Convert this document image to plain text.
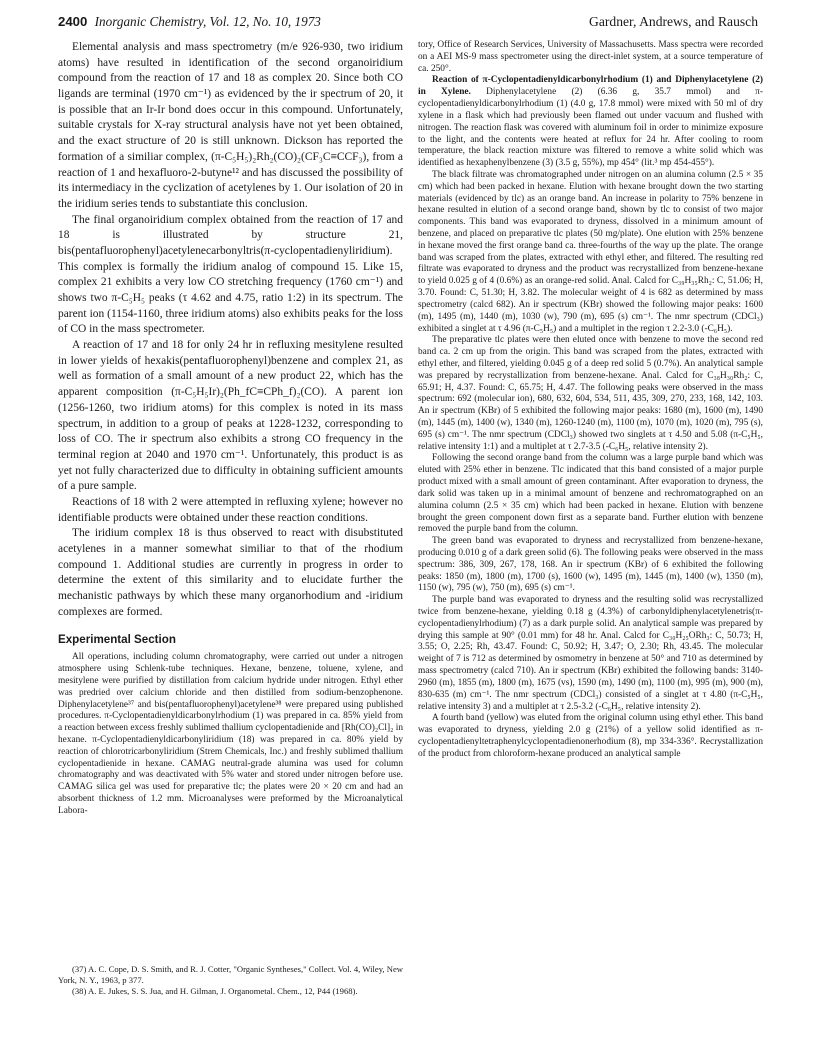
2400 Inorganic Chemistry, Vol. 12, No. 10, 1973	Gardner, Andrews, and Rausch

Elemental analysis and mass spectrometry (m/e 926-930, two iridium atoms) have resulted in identification of the second organoiridium compound from the reaction of 17 and 18 as complex 20. Since both CO ligands are terminal (1970 cm⁻¹) as evidenced by the ir spectrum of 20, it is possible that an Ir-Ir bond does occur in this compound. Unfortunately, suitable crystals for X-ray structural analysis have not yet been obtained, and the exact structure of 20 is still unknown. Dickson has reported the formation of a similiar complex, (π-C₅H₅)₂Rh₂(CO)₂(CF₃C≡CCF₃), from a reaction of 1 and hexafluoro-2-butyne¹² and has discussed the possibility of its intermediacy in the cyclization of acetylenes by 1. Our isolation of 20 in the iridium series tends to substantiate this conclusion.

The final organoiridium complex obtained from the reaction of 17 and 18 is illustrated by structure 21, bis(pentafluorophenyl)acetylenecarbonyltris(π-cyclopentadienyliridium). This complex is formally the iridium analog of compound 15. Like 15, complex 21 exhibits a very low CO stretching frequency (1760 cm⁻¹) and shows two π-C₅H₅ peaks (τ 4.62 and 4.75, ratio 1:2) in its spectrum. The parent ion (1154-1160, three iridium atoms) also exhibits peaks for the loss of CO in the mass spectrometer.

A reaction of 17 and 18 for only 24 hr in refluxing mesitylene resulted in lower yields of hexakis(pentafluorophenyl)benzene and complex 21, as well as formation of a small amount of a new product 22, which has the apparent composition (π-C₅H₅Ir)₂(Ph_fC≡CPh_f)₂(CO). A parent ion (1256-1260, two iridium atoms) for this complex is noted in its mass spectrum, in addition to a group of peaks at 1228-1232, corresponding to loss of CO. The ir spectrum also exhibits a strong CO frequency in the terminal region at 2040 and 1970 cm⁻¹. Unfortunately, this product is as yet not fully characterized due to difficulty in obtaining sufficient amounts of a pure sample.

Reactions of 18 with 2 were attempted in refluxing xylene; however no identifiable products were obtained under these reaction conditions.

The iridium complex 18 is thus observed to react with disubstituted acetylenes in a manner somewhat similiar to that of the rhodium compound 1. Additional studies are currently in progress in order to determine the extent of this similarity and to elucidate further the mechanistic pathways by which these many organorhodium and -iridium complexes are formed.

Experimental Section

All operations, including column chromatography, were carried out under a nitrogen atmosphere using Schlenk-tube techniques. Hexane, benzene, toluene, xylene, and mesitylene were purified by distillation from calcium hydride under nitrogen. Ethyl ether was predried over calcium chloride and then distilled from sodium-benzophenone. Diphenylacetylene³⁷ and bis(pentafluorophenyl)acetylene³⁸ were prepared using published procedures. π-Cyclopentadienyldicarbonylrhodium (1) was prepared in ca. 85% yield from a reaction between excess freshly sublimed thallium cyclopentadienide and [Rh(CO)₂Cl]₂ in hexane. π-Cyclopentadienyldicarbonyliridium (18) was prepared in ca. 80% yield by reaction of chlorotricarbonyliridium (Strem Chemicals, Inc.) and freshly sublimed thallium cyclopentadienide in hexane. CAMAG neutral-grade alumina was used for column chromatography and was deactivated with 5% water and stored under nitrogen before use. CAMAG silica gel was used for preparative tlc; the plates were 20 × 20 cm and had an absorbent thickness of 1.2 mm. Microanalyses were preformed by the Microanalytical Labora-

(37) A. C. Cope, D. S. Smith, and R. J. Cotter, "Organic Syntheses," Collect. Vol. 4, Wiley, New York, N. Y., 1963, p 377.
(38) A. E. Jukes, S. S. Jua, and H. Gilman, J. Organometal. Chem., 12, P44 (1968).

tory, Office of Research Services, University of Massachusetts. Mass spectra were recorded on a AEI MS-9 mass spectrometer using the direct-inlet system, at a source temperature of ca. 250°.

Reaction of π-Cyclopentadienyldicarbonylrhodium (1) and Diphenylacetylene (2) in Xylene. Diphenylacetylene (2) (6.36 g, 35.7 mmol) and π-cyclopentadienyldicarbonylrhodium (1) (4.0 g, 17.8 mmol) were mixed with 50 ml of dry xylene in a flask which had previously been flamed out under vacuum and flushed with nitrogen. The reaction flask was covered with aluminum foil in order to minimize exposure to the light, and the contents were heated at reflux for 24 hr. After cooling to room temperature, the black reaction mixture was filtered to remove a white solid which was identified as hexaphenylbenzene (3) (3.5 g, 55%), mp 454° (lit.³ mp 454-455°).

The black filtrate was chromatographed under nitrogen on an alumina column (2.5 × 35 cm) which had been packed in hexane. Elution with hexane brought down the two starting materials (evidenced by tlc) as an orange band. An increase in polarity to 75% benzene in hexane resulted in elution of a second orange band, shown by tlc to consist of two major components. This band was evaporated to dryness, dissolved in a minimum amount of benzene, and placed on preparative tlc plates (50 mg/plate). One elution with 25% benzene in hexane moved the first orange band ca. three-fourths of the way up the plate. The orange band was scraped from the plates, extracted with ethyl ether, and filtered. The resulting red filtrate was evaporated to dryness and the product was recrystallized from benzene-hexane to yield 0.025 g of 4 (0.6%) as an orange-red solid. Anal. Calcd for C₃₉H₃₅Rh₂: C, 51.06; H, 3.70. Found: C, 51.30; H, 3.82. The molecular weight of 4 is 682 as determined by mass spectrometry (calcd 682). An ir spectrum (KBr) showed the following major peaks: 1600 (m), 1495 (m), 1440 (m), 1030 (w), 790 (m), 695 (s) cm⁻¹. The nmr spectrum (CDCl₃) exhibited a singlet at τ 4.96 (π-C₅H₅) and a multiplet in the region τ 2.2-3.0 (-C₆H₅).

The preparative tlc plates were then eluted once with benzene to move the second red band ca. 2 cm up from the origin. This band was scraped from the plates, extracted with ethyl ether, and filtered, yielding 0.045 g of a deep red solid 5 (0.7%). An analytical sample was prepared by recrystallization from benzene-hexane. Anal. Calcd for C₃₈H₃₀Rh₂: C, 65.91; H, 4.37. Found: C, 65.75; H, 4.47. The following peaks were observed in the mass spectrum: 692 (molecular ion), 680, 632, 604, 534, 511, 435, 309, 270, 233, 168, 142, 103. An ir spectrum (KBr) of 5 exhibited the following major peaks: 1680 (m), 1600 (m), 1490 (m), 1445 (m), 1400 (w), 1340 (m), 1260-1240 (m), 1100 (m), 1070 (m), 1020 (m), 795 (s), 695 (s) cm⁻¹. The nmr spectrum (CDCl₃) showed two singlets at τ 4.50 and 5.08 (π-C₅H₅, relative intensity 1:1) and a multiplet at τ 2.7-3.5 (-C₆H₅, relative intensity 2).

Following the second orange band from the column was a large purple band which was eluted with 25% ether in benzene. Tlc indicated that this band consisted of a major purple product mixed with a small amount of green contaminant. After evaporation to dryness, the dark solid was taken up in a minimal amount of benzene and rechromatographed on an alumina column (2.5 × 35 cm) which had been packed in hexane. Elution with benzene brought the green component down first as a separate band. Further elution with benzene removed the purple band from the column.

The green band was evaporated to dryness and recrystallized from benzene-hexane, producing 0.010 g of a dark green solid (6). The following peaks were observed in the mass spectrum: 386, 309, 267, 178, 168. An ir spectrum (KBr) of 6 exhibited the following peaks: 1850 (m), 1800 (m), 1700 (s), 1600 (w), 1495 (m), 1445 (m), 1400 (w), 1350 (m), 1150 (w), 795 (w), 750 (m), 695 (s) cm⁻¹.

The purple band was evaporated to dryness and the resulting solid was recrystallized twice from benzene-hexane, yielding 0.18 g (4.3%) of carbonyldiphenylacetylenetris(π-cyclopentadienylrhodium) (7) as a dark purple solid. An analytical sample was prepared by drying this sample at 90° (0.01 mm) for 48 hr. Anal. Calcd for C₃₀H₂₅ORh₃: C, 50.73; H, 3.55; O, 2.25; Rh, 43.47. Found: C, 50.92; H, 3.47; O, 2.30; Rh, 43.45. The molecular weight of 7 is 712 as determined by osmometry in benzene at 50° and 710 as determined by mass spectrometry (calcd 710). An ir spectrum (KBr) exhibited the following bands: 3140-2960 (m), 1855 (m), 1800 (m), 1675 (vs), 1590 (m), 1490 (m), 1100 (m), 995 (m), 900 (m), 830-635 (m) cm⁻¹. The nmr spectrum (CDCl₃) consisted of a singlet at τ 4.80 (π-C₅H₅, relative intensity 3) and a multiplet at τ 2.5-3.2 (-C₆H₅, relative intensity 2).

A fourth band (yellow) was eluted from the original column using ethyl ether. This band was evaporated to dryness, yielding 2.0 g (21%) of a yellow solid identified as π-cyclopentadienyltetraphenylcyclopentadienonerhodium (8), mp 334-336°. Recrystallization of the product from chloroform-hexane produced an analytical sample
